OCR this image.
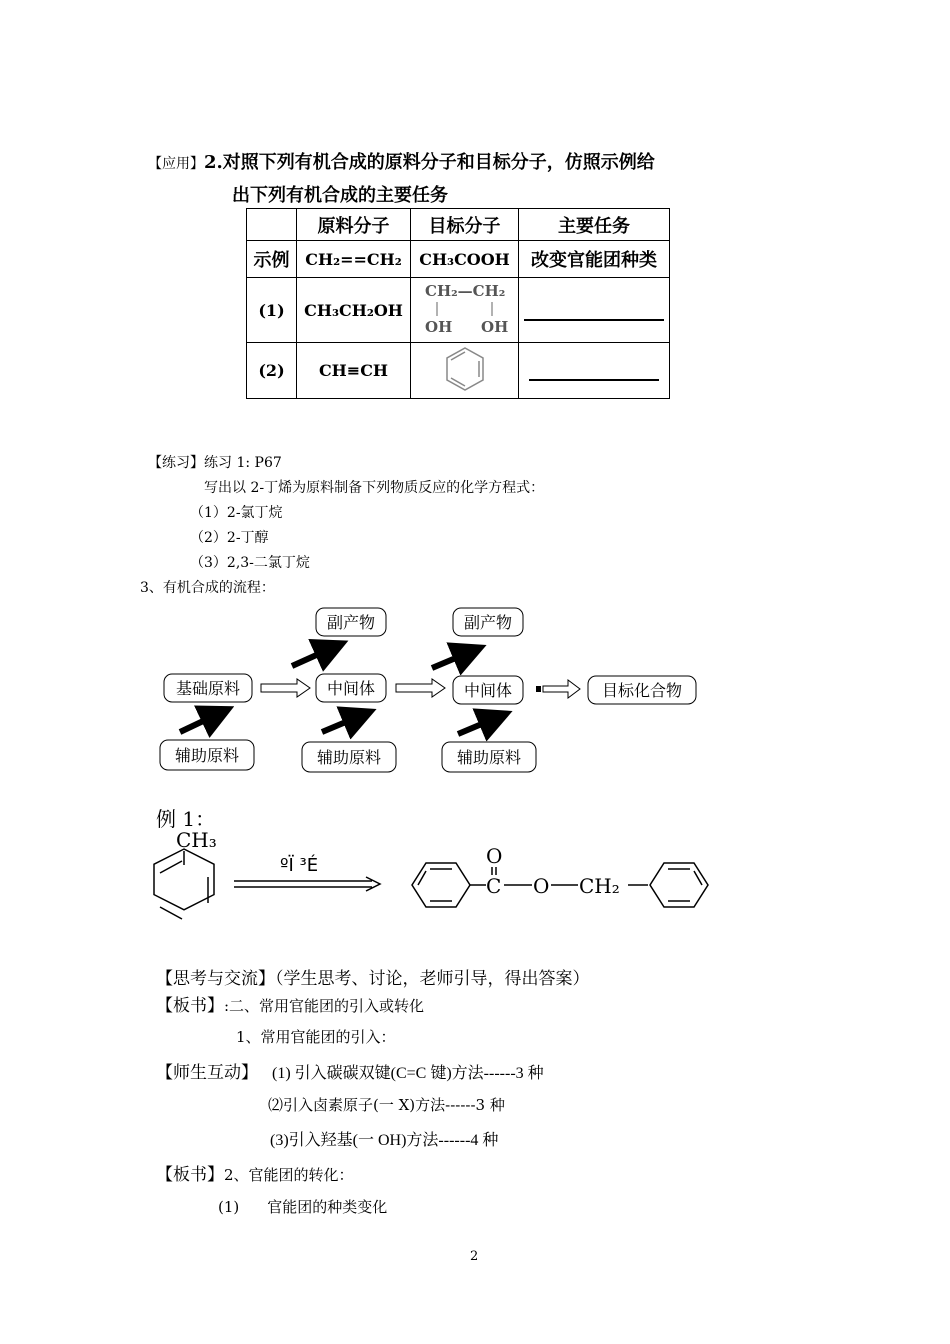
【应用】2.对照下列有机合成的原料分子和目标分子，仿照示例给
出下列有机合成的主要任务
	原料分子	目标分子	主要任务
示例	CH₂==CH₂	CH₃COOH	改变官能团种类
(1)	CH₃CH₂OH	CH₂—CH₂
OH OH	

(2)	CH≡CH		
【练习】练习 1: P67
写出以 2-丁烯为原料制备下列物质反应的化学方程式：
（1）2-氯丁烷
（2）2-丁醇
（3）2,3-二氯丁烷
3、有机合成的流程：
副产物	副产物
基础原料	中间体	中间体	目标化合物
辅助原料	辅助原料	辅助原料
例 1：
CH₃
ºÏ ³É	O
C O CH₂
【思考与交流】（学生思考、讨论，老师引导，得出答案）
【板书】:二、常用官能团的引入或转化
1、常用官能团的引入：
【师生互动】 (1) 引入碳碳双键(C=C 键)方法------3 种
⑵引入卤素原子(一 X)方法------3 种
(3)引入羟基(一 OH)方法------4 种
【板书】2、官能团的转化：
(1) 官能团的种类变化
2
